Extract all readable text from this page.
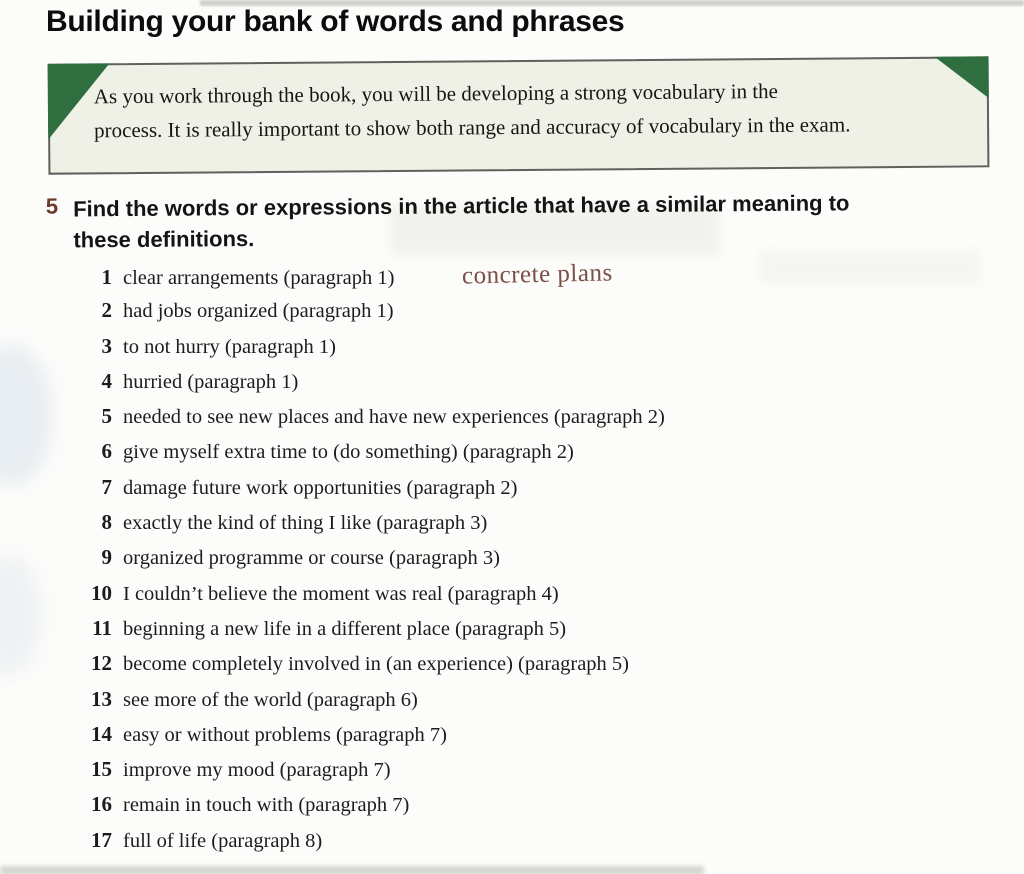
Building your bank of words and phrases
As you work through the book, you will be developing a strong vocabulary in the
process. It is really important to show both range and accuracy of vocabulary in the exam.
5 Find the words or expressions in the article that have a similar meaning to
these definitions.
1 clear arrangements (paragraph 1)	concrete plans
2 had jobs organized (paragraph 1)
3 to not hurry (paragraph 1)
4 hurried (paragraph 1)
5 needed to see new places and have new experiences (paragraph 2)
6 give myself extra time to (do something) (paragraph 2)
7 damage future work opportunities (paragraph 2)
8 exactly the kind of thing I like (paragraph 3)
9 organized programme or course (paragraph 3)
10 I couldn’t believe the moment was real (paragraph 4)
11 beginning a new life in a different place (paragraph 5)
12 become completely involved in (an experience) (paragraph 5)
13 see more of the world (paragraph 6)
14 easy or without problems (paragraph 7)
15 improve my mood (paragraph 7)
16 remain in touch with (paragraph 7)
17 full of life (paragraph 8)
